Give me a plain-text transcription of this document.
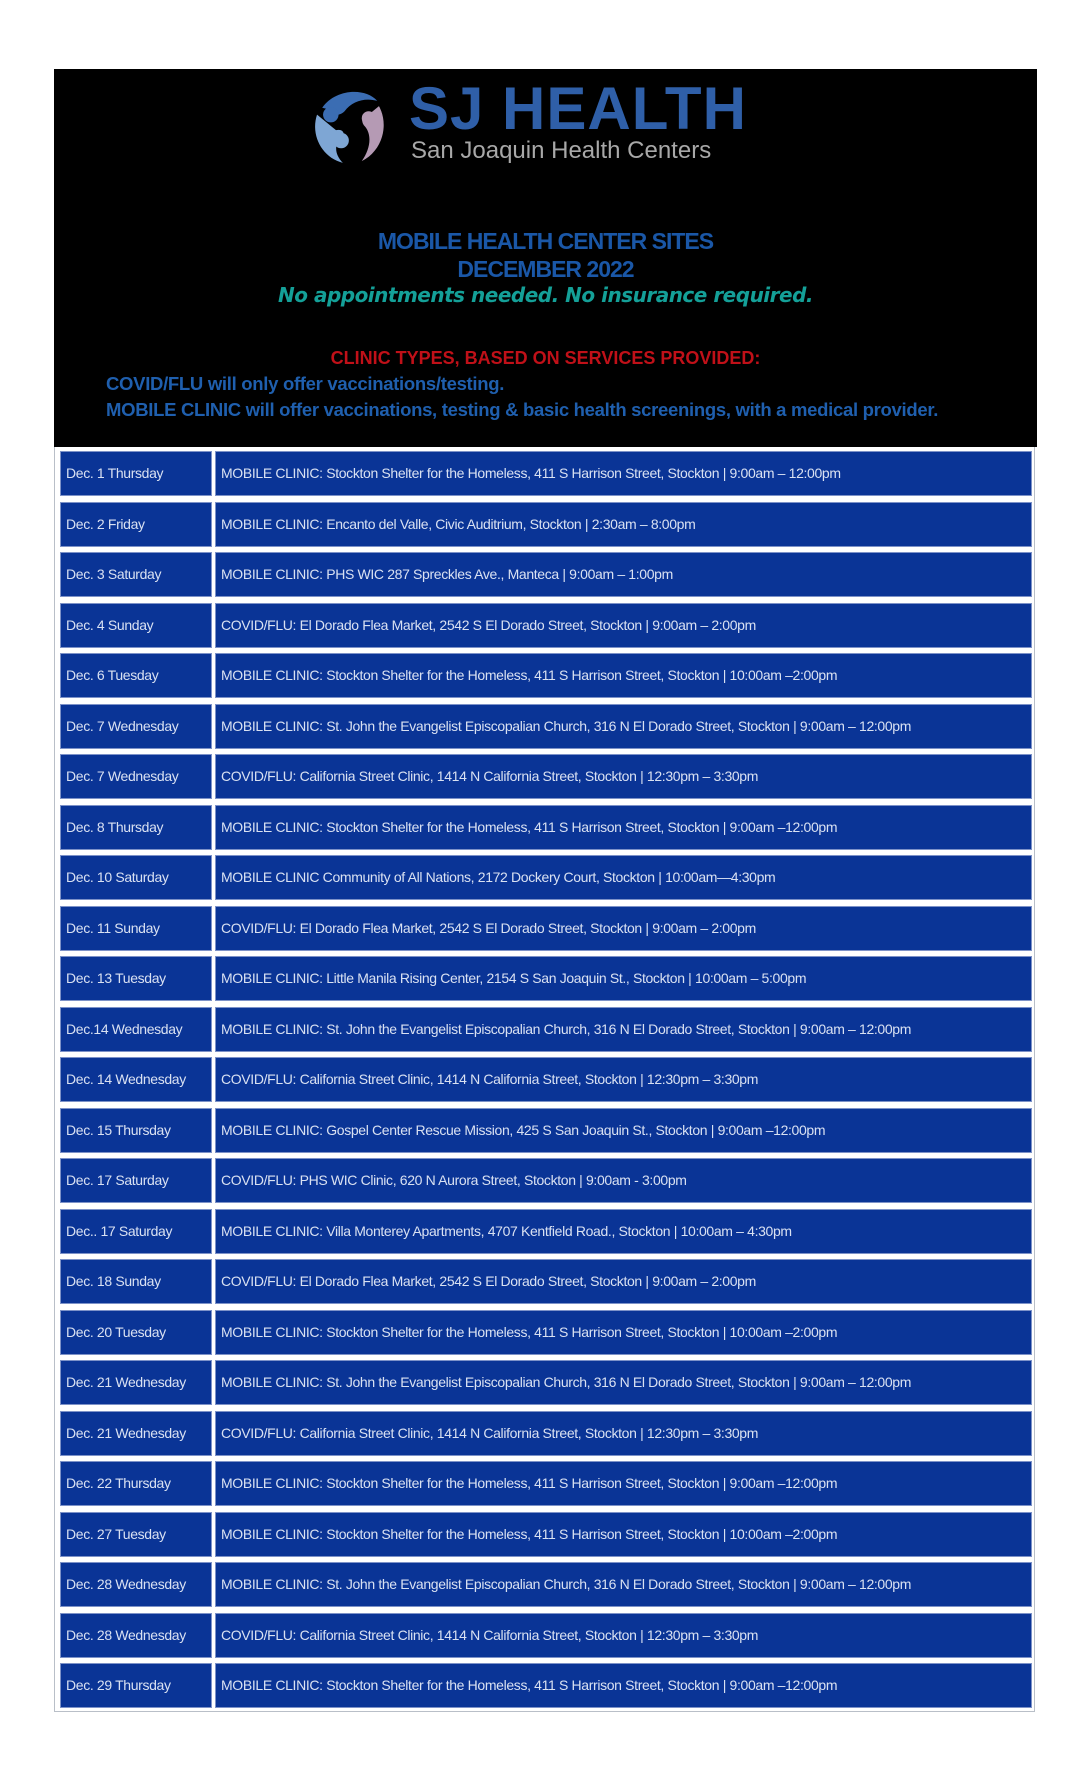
SJ HEALTH
San Joaquin Health Centers
MOBILE HEALTH CENTER SITES
DECEMBER 2022
No appointments needed. No insurance required.
CLINIC TYPES, BASED ON SERVICES PROVIDED:
COVID/FLU will only offer vaccinations/testing.
MOBILE CLINIC will offer vaccinations, testing & basic health screenings, with a medical provider.
Dec. 1 Thursday	MOBILE CLINIC: Stockton Shelter for the Homeless, 411 S Harrison Street, Stockton | 9:00am – 12:00pm
Dec. 2 Friday	MOBILE CLINIC: Encanto del Valle, Civic Auditrium, Stockton | 2:30am – 8:00pm
Dec. 3 Saturday	MOBILE CLINIC: PHS WIC 287 Spreckles Ave., Manteca | 9:00am – 1:00pm
Dec. 4 Sunday	COVID/FLU: El Dorado Flea Market, 2542 S El Dorado Street, Stockton | 9:00am – 2:00pm
Dec. 6 Tuesday	MOBILE CLINIC: Stockton Shelter for the Homeless, 411 S Harrison Street, Stockton | 10:00am –2:00pm
Dec. 7 Wednesday	MOBILE CLINIC: St. John the Evangelist Episcopalian Church, 316 N El Dorado Street, Stockton | 9:00am – 12:00pm
Dec. 7 Wednesday	COVID/FLU: California Street Clinic, 1414 N California Street, Stockton | 12:30pm – 3:30pm
Dec. 8 Thursday	MOBILE CLINIC: Stockton Shelter for the Homeless, 411 S Harrison Street, Stockton | 9:00am –12:00pm
Dec. 10 Saturday	MOBILE CLINIC Community of All Nations, 2172 Dockery Court, Stockton | 10:00am—4:30pm
Dec. 11 Sunday	COVID/FLU: El Dorado Flea Market, 2542 S El Dorado Street, Stockton | 9:00am – 2:00pm
Dec. 13 Tuesday	MOBILE CLINIC: Little Manila Rising Center, 2154 S San Joaquin St., Stockton | 10:00am – 5:00pm
Dec.14 Wednesday	MOBILE CLINIC: St. John the Evangelist Episcopalian Church, 316 N El Dorado Street, Stockton | 9:00am – 12:00pm
Dec. 14 Wednesday	COVID/FLU: California Street Clinic, 1414 N California Street, Stockton | 12:30pm – 3:30pm
Dec. 15 Thursday	MOBILE CLINIC: Gospel Center Rescue Mission, 425 S San Joaquin St., Stockton | 9:00am –12:00pm
Dec. 17 Saturday	COVID/FLU: PHS WIC Clinic, 620 N Aurora Street, Stockton | 9:00am - 3:00pm
Dec.. 17 Saturday	MOBILE CLINIC: Villa Monterey Apartments, 4707 Kentfield Road., Stockton | 10:00am – 4:30pm
Dec. 18 Sunday	COVID/FLU: El Dorado Flea Market, 2542 S El Dorado Street, Stockton | 9:00am – 2:00pm
Dec. 20 Tuesday	MOBILE CLINIC: Stockton Shelter for the Homeless, 411 S Harrison Street, Stockton | 10:00am –2:00pm
Dec. 21 Wednesday	MOBILE CLINIC: St. John the Evangelist Episcopalian Church, 316 N El Dorado Street, Stockton | 9:00am – 12:00pm
Dec. 21 Wednesday	COVID/FLU: California Street Clinic, 1414 N California Street, Stockton | 12:30pm – 3:30pm
Dec. 22 Thursday	MOBILE CLINIC: Stockton Shelter for the Homeless, 411 S Harrison Street, Stockton | 9:00am –12:00pm
Dec. 27 Tuesday	MOBILE CLINIC: Stockton Shelter for the Homeless, 411 S Harrison Street, Stockton | 10:00am –2:00pm
Dec. 28 Wednesday	MOBILE CLINIC: St. John the Evangelist Episcopalian Church, 316 N El Dorado Street, Stockton | 9:00am – 12:00pm
Dec. 28 Wednesday	COVID/FLU: California Street Clinic, 1414 N California Street, Stockton | 12:30pm – 3:30pm
Dec. 29 Thursday	MOBILE CLINIC: Stockton Shelter for the Homeless, 411 S Harrison Street, Stockton | 9:00am –12:00pm
